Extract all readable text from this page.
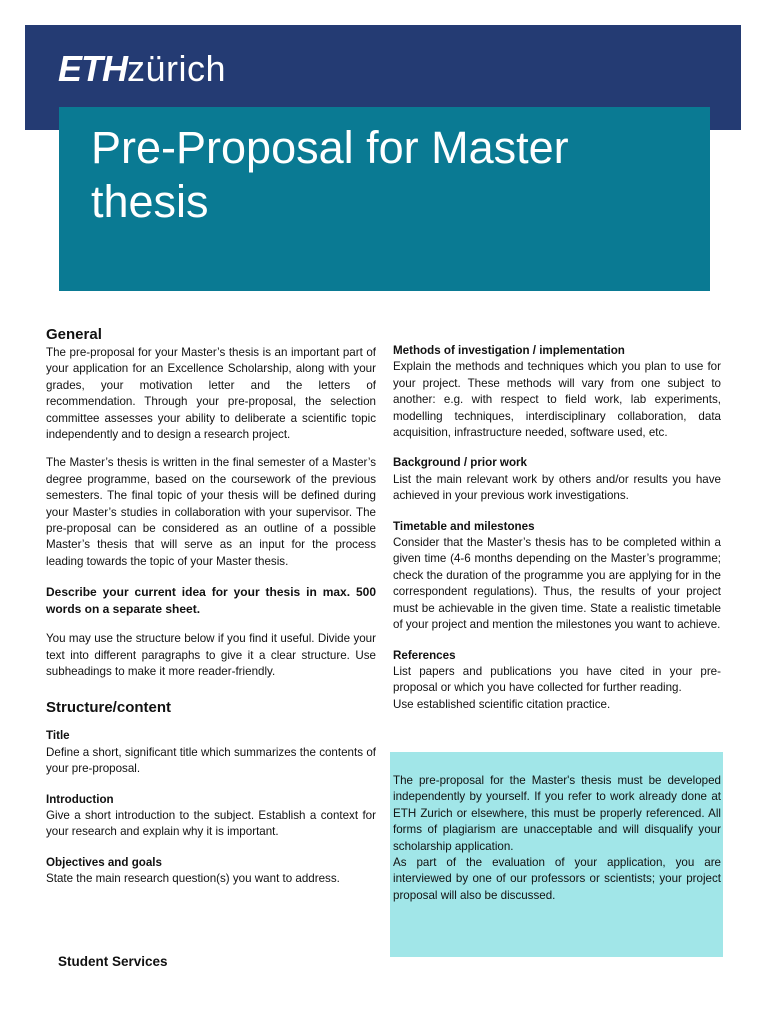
ETHzürich
Pre-Proposal for Master thesis
General

The pre-proposal for your Master’s thesis is an important part of your application for an Excellence Scholarship, along with your grades, your motivation letter and the letters of recommendation. Through your pre-proposal, the selection committee assesses your ability to deliberate a scientific topic independently and to design a research project.

The Master’s thesis is written in the final semester of a Master’s degree programme, based on the coursework of the previous semesters. The final topic of your thesis will be defined during your Master’s studies in collaboration with your supervisor. The pre-proposal can be considered as an outline of a possible Master’s thesis that will serve as an input for the process leading towards the topic of your Master thesis.

Describe your current idea for your thesis in max. 500 words on a separate sheet.

You may use the structure below if you find it useful. Divide your text into different paragraphs to give it a clear structure. Use subheadings to make it more reader-friendly.

Structure/content
Title

Define a short, significant title which summarizes the contents of your pre-proposal.

Introduction

Give a short introduction to the subject. Establish a context for your research and explain why it is important.

Objectives and goals

State the main research question(s) you want to address.

Methods of investigation / implementation

Explain the methods and techniques which you plan to use for your project. These methods will vary from one subject to another: e.g. with respect to field work, lab experiments, modelling techniques, interdisciplinary collaboration, data acquisition, infrastructure needed, software used, etc.

Background / prior work

List the main relevant work by others and/or results you have achieved in your previous work investigations.

Timetable and milestones

Consider that the Master’s thesis has to be completed within a given time (4-6 months depending on the Master’s programme; check the duration of the programme you are applying for in the correspondent regulations). Thus, the results of your project must be achievable in the given time. State a realistic timetable of your project and mention the milestones you want to achieve.

References

List papers and publications you have cited in your pre-proposal or which you have collected for further reading.

Use established scientific citation practice.

The pre-proposal for the Master's thesis must be developed independently by yourself. If you refer to work already done at ETH Zurich or elsewhere, this must be properly referenced. All forms of plagiarism are unacceptable and will disqualify your scholarship application.
As part of the evaluation of your application, you are interviewed by one of our professors or scientists; your project proposal will also be discussed.

Student Services
